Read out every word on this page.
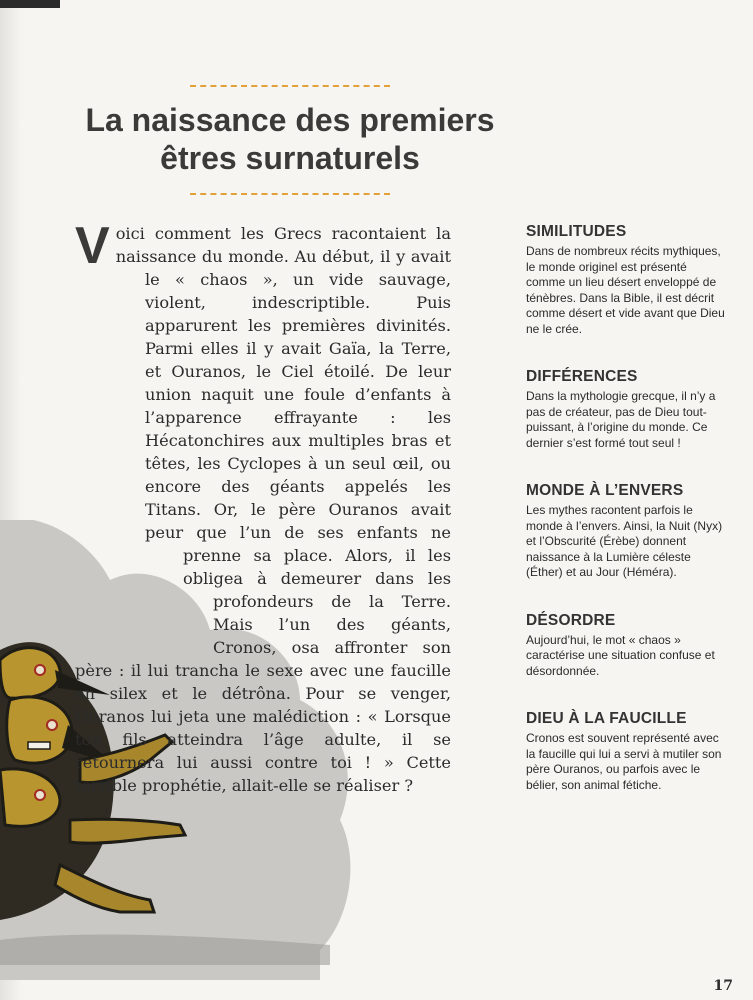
La naissance des premiers
êtres surnaturels
V oici comment les Grecs racontaient la naissance du monde. Au début, il y avait le « chaos », un vide sauvage, violent, indescriptible. Puis apparurent les premières divinités. Parmi elles il y avait Gaïa, la Terre, et Ouranos, le Ciel étoilé. De leur union naquit une foule d’enfants à l’apparence effrayante : les Hécatonchires aux multiples bras et têtes, les Cyclopes à un seul œil, ou encore des géants appelés les Titans. Or, le père Ouranos avait peur que l’un de ses enfants ne prenne sa place. Alors, il les obligea à demeurer dans les profondeurs de la Terre. Mais l’un des géants, Cronos, osa affronter son père : il lui trancha le sexe avec une faucille en silex et le détrôna. Pour se venger, Ouranos lui jeta une malédiction : « Lorsque ton fils atteindra l’âge adulte, il se retournera lui aussi contre toi ! » Cette terrible prophétie, allait-elle se réaliser ?

SIMILITUDES

Dans de nombreux récits mythiques, le monde originel est présenté comme un lieu désert enveloppé de ténèbres. Dans la Bible, il est décrit comme désert et vide avant que Dieu ne le crée.

DIFFÉRENCES

Dans la mythologie grecque, il n’y a pas de créateur, pas de Dieu tout-puissant, à l’origine du monde. Ce dernier s’est formé tout seul !

MONDE À L’ENVERS

Les mythes racontent parfois le monde à l’envers. Ainsi, la Nuit (Nyx) et l’Obscurité (Érèbe) donnent naissance à la Lumière céleste (Éther) et au Jour (Héméra).

DÉSORDRE

Aujourd’hui, le mot « chaos » caractérise une situation confuse et désordonnée.

DIEU À LA FAUCILLE

Cronos est souvent représenté avec la faucille qui lui a servi à mutiler son père Ouranos, ou parfois avec le bélier, son animal fétiche.

17
